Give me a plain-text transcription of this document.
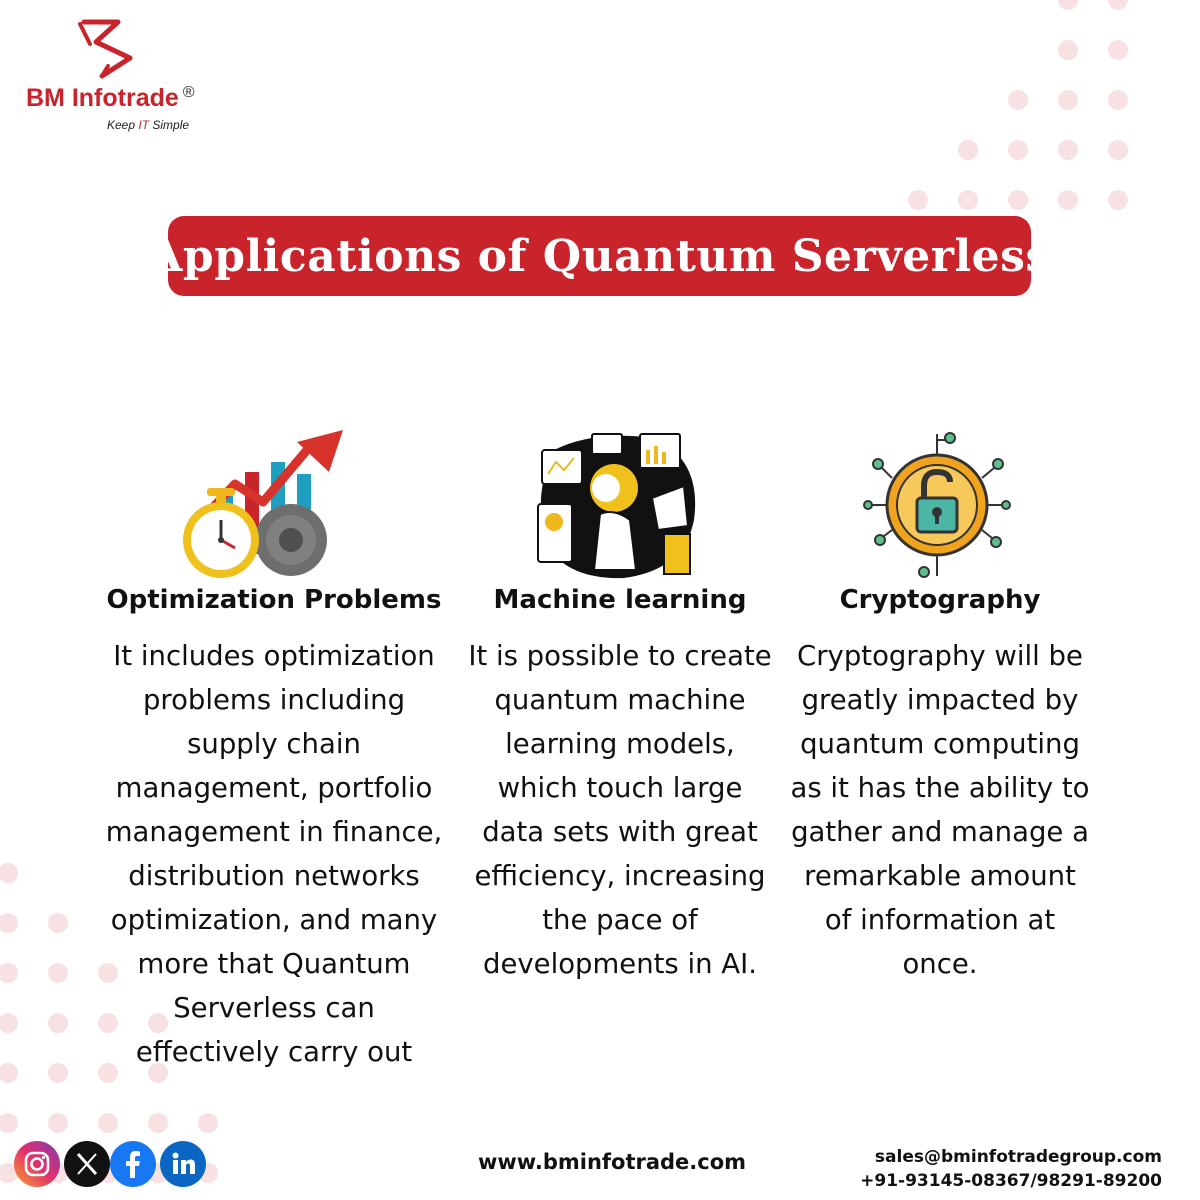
BM Infotrade ®
Keep IT Simple
Applications of Quantum Serverless
Optimization Problems

It includes optimization problems including supply chain management, portfolio management in finance, distribution networks optimization, and many more that Quantum Serverless can effectively carry out

Machine learning

It is possible to create quantum machine learning models, which touch large data sets with great efficiency, increasing the pace of developments in AI.

Cryptography

Cryptography will be greatly impacted by quantum computing as it has the ability to gather and manage a remarkable amount of information at once.

www.bminfotrade.com	sales@bminfotradegroup.com
+91-93145-08367/98291-89200
